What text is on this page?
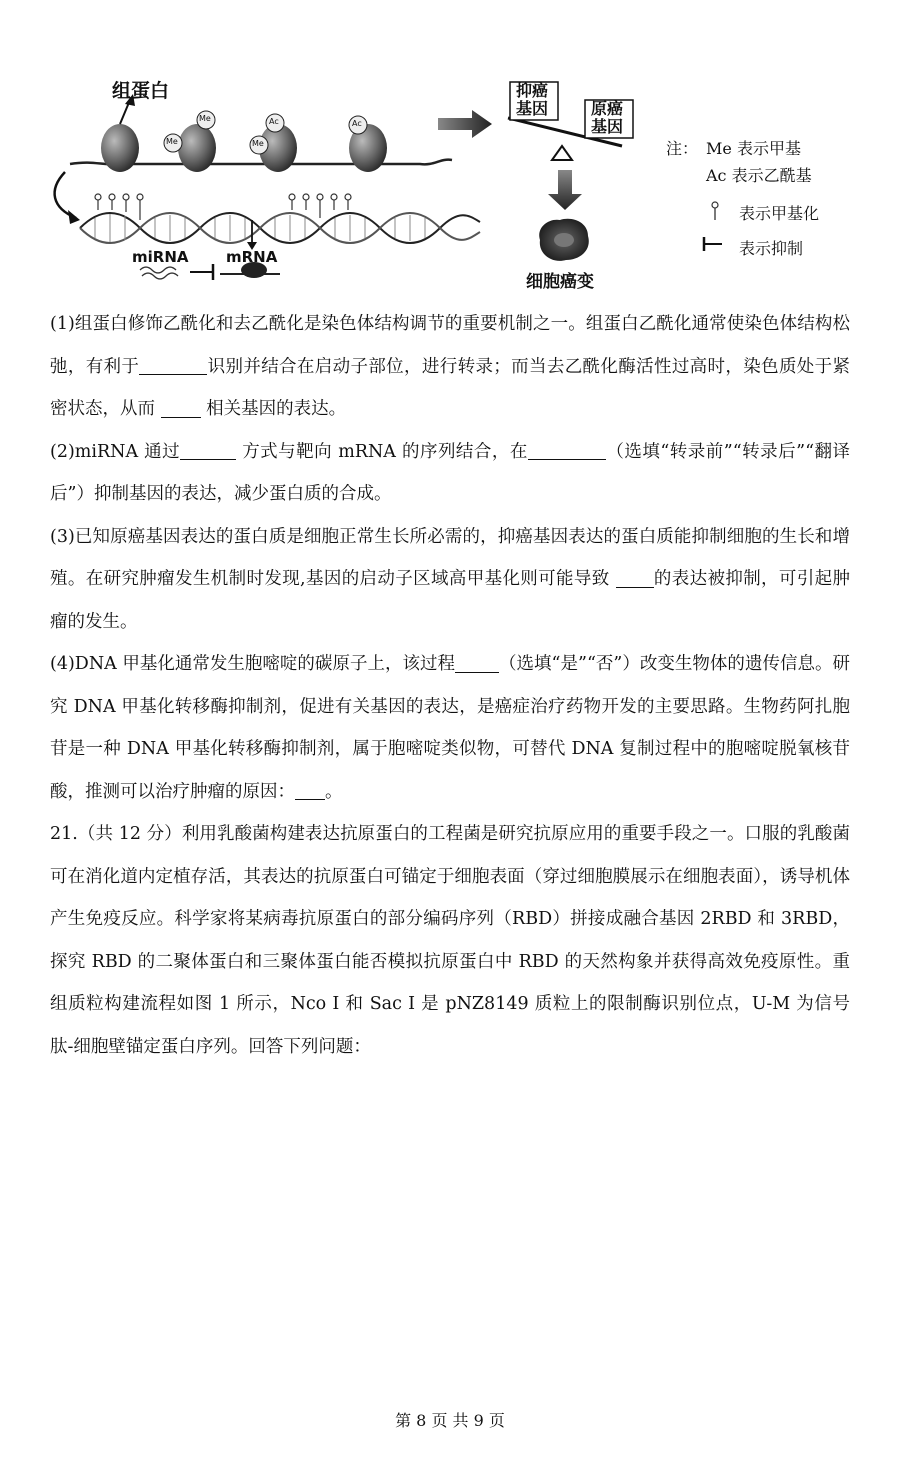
组蛋白
Me
Me
Ac
Me
Ac
抑癌
基因	原癌
基因
细胞癌变
miRNA	mRNA
注： Me 表示甲基
Ac 表示乙酰基
表示甲基化
表示抑制

(1)组蛋白修饰乙酰化和去乙酰化是染色体结构调节的重要机制之一。组蛋白乙酰化通常使染色体结构松弛，有利于	识别并结合在启动子部位，进行转录；而当去乙酰化酶活性过高时，染色质处于紧密状态，从而  相关基因的表达。

(2)miRNA 通过	方式与靶向 mRNA 的序列结合，在	（选填“转录前”“转录后”“翻译后”）抑制基因的表达，减少蛋白质的合成。

(3)已知原癌基因表达的蛋白质是细胞正常生长所必需的，抑癌基因表达的蛋白质能抑制细胞的生长和增殖。在研究肿瘤发生机制时发现,基因的启动子区域高甲基化则可能导致 的表达被抑制，可引起肿瘤的发生。

(4)DNA 甲基化通常发生胞嘧啶的碳原子上，该过程	（选填“是”“否”）改变生物体的遗传信息。研究 DNA 甲基化转移酶抑制剂，促进有关基因的表达，是癌症治疗药物开发的主要思路。生物药阿扎胞苷是一种 DNA 甲基化转移酶抑制剂，属于胞嘧啶类似物，可替代 DNA 复制过程中的胞嘧啶脱氧核苷酸，推测可以治疗肿瘤的原因： 。

21.（共 12 分）利用乳酸菌构建表达抗原蛋白的工程菌是研究抗原应用的重要手段之一。口服的乳酸菌可在消化道内定植存活，其表达的抗原蛋白可锚定于细胞表面（穿过细胞膜展示在细胞表面），诱导机体产生免疫反应。科学家将某病毒抗原蛋白的部分编码序列（RBD）拼接成融合基因 2RBD 和 3RBD，探究 RBD 的二聚体蛋白和三聚体蛋白能否模拟抗原蛋白中 RBD 的天然构象并获得高效免疫原性。重组质粒构建流程如图 1 所示，Nco I 和 Sac I 是 pNZ8149 质粒上的限制酶识别位点，U-M 为信号肽-细胞壁锚定蛋白序列。回答下列问题：

第 8 页 共 9 页
